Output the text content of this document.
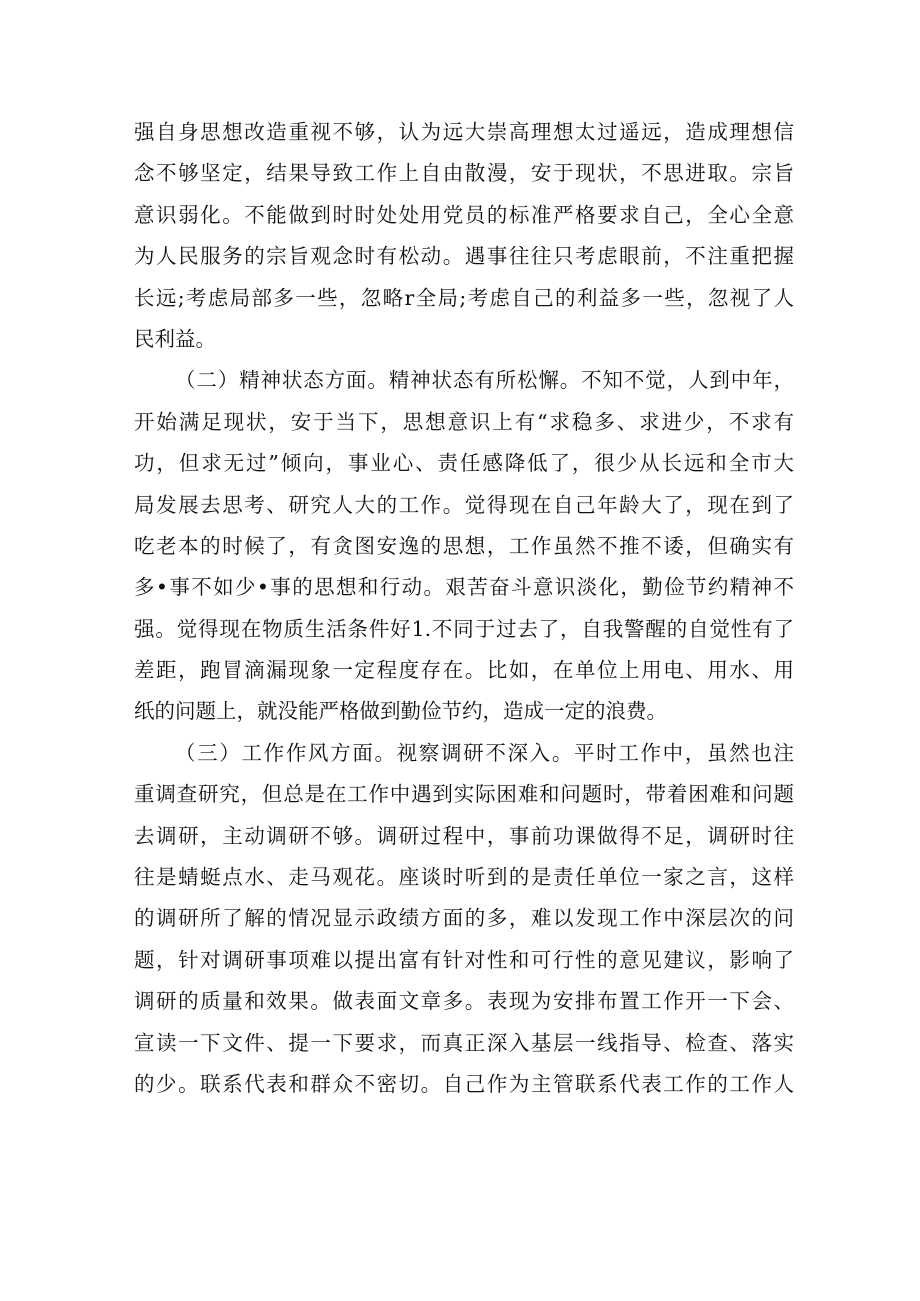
强自身思想改造重视不够，认为远大崇高理想太过遥远，造成理想信
念不够坚定，结果导致工作上自由散漫，安于现状，不思进取。宗旨
意识弱化。不能做到时时处处用党员的标准严格要求自己，全心全意
为人民服务的宗旨观念时有松动。遇事往往只考虑眼前，不注重把握
长远;考虑局部多一些，忽略r全局;考虑自己的利益多一些，忽视了人
民利益。
（二）精神状态方面。精神状态有所松懈。不知不觉，人到中年，
开始满足现状，安于当下，思想意识上有“求稳多、求进少，不求有
功，但求无过”倾向，事业心、责任感降低了，很少从长远和全市大
局发展去思考、研究人大的工作。觉得现在自己年龄大了，现在到了
吃老本的时候了，有贪图安逸的思想，工作虽然不推不诿，但确实有
多•事不如少•事的思想和行动。艰苦奋斗意识淡化，勤俭节约精神不
强。觉得现在物质生活条件好1.不同于过去了，自我警醒的自觉性有了
差距，跑冒滴漏现象一定程度存在。比如，在单位上用电、用水、用
纸的问题上，就没能严格做到勤俭节约，造成一定的浪费。
（三）工作作风方面。视察调研不深入。平时工作中，虽然也注
重调查研究，但总是在工作中遇到实际困难和问题时，带着困难和问题
去调研，主动调研不够。调研过程中，事前功课做得不足，调研时往
往是蜻蜓点水、走马观花。座谈时听到的是责任单位一家之言，这样
的调研所了解的情况显示政绩方面的多，难以发现工作中深层次的问
题，针对调研事项难以提出富有针对性和可行性的意见建议，影响了
调研的质量和效果。做表面文章多。表现为安排布置工作开一下会、
宣读一下文件、提一下要求，而真正深入基层一线指导、检查、落实
的少。联系代表和群众不密切。自己作为主管联系代表工作的工作人
